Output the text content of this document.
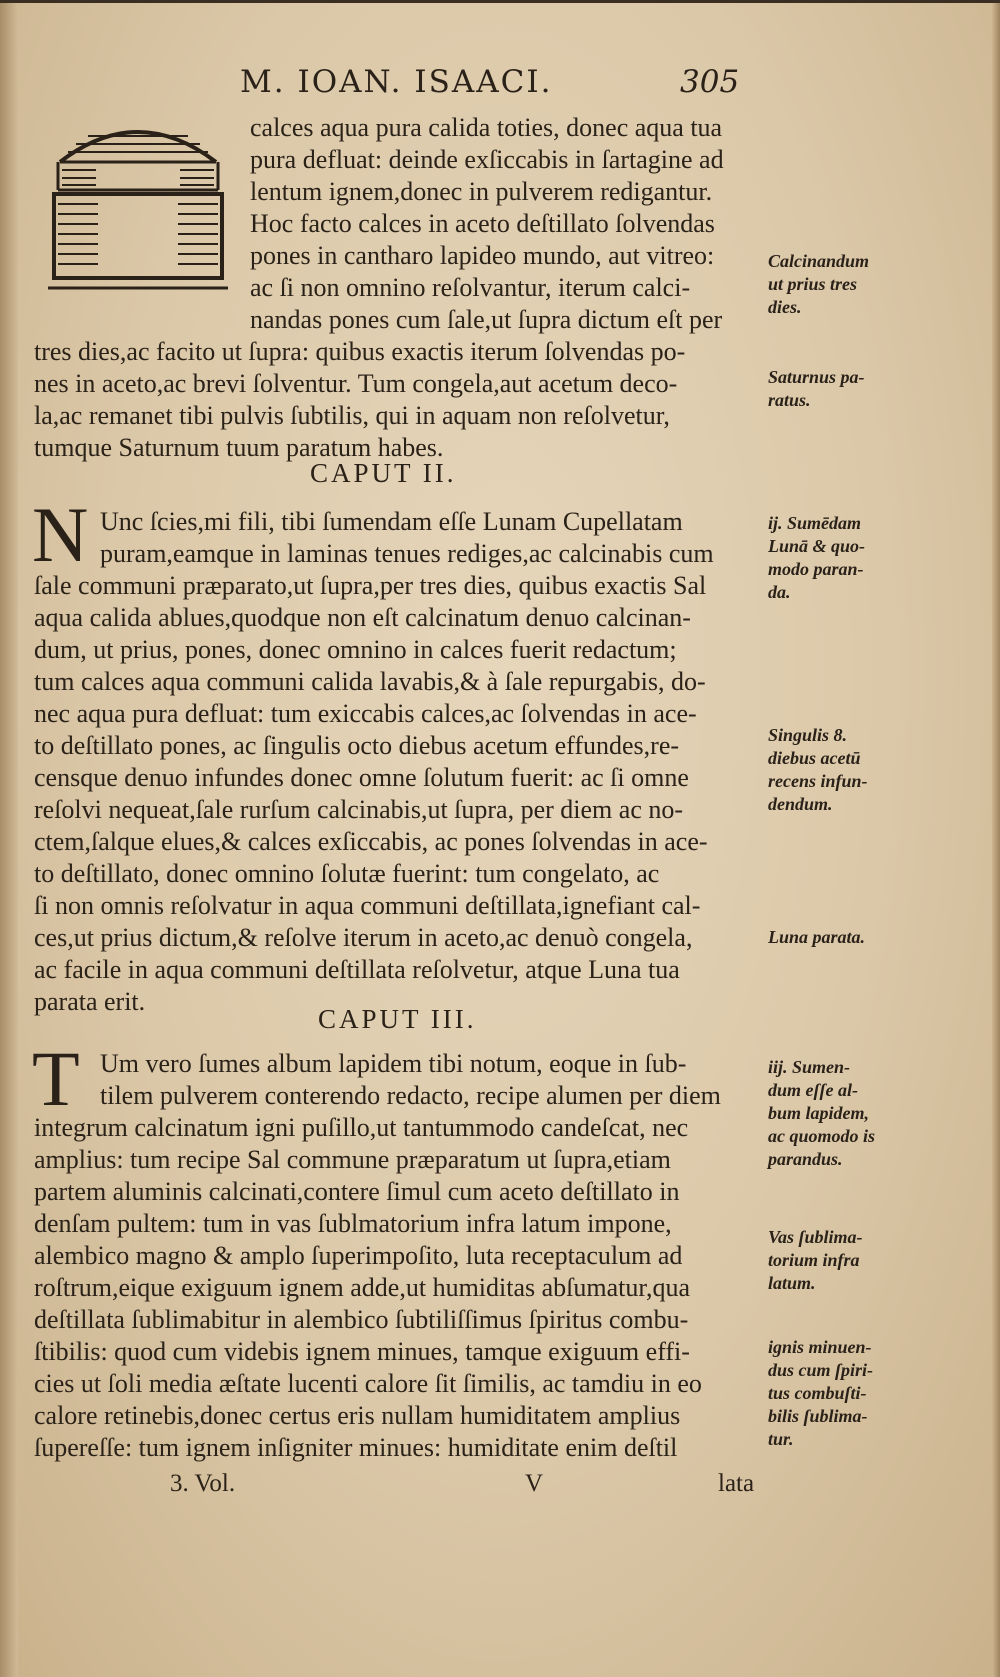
M. IOAN. ISAACI.	305
calces aqua pura calida toties, donec aqua tua
pura defluat: deinde exſiccabis in ſartagine ad
lentum ignem,donec in pulverem redigantur.
Hoc facto calces in aceto deſtillato ſolvendas
pones in cantharo lapideo mundo, aut vitreo:
ac ſi non omnino reſolvantur, iterum calci-
nandas pones cum ſale,ut ſupra dictum eſt per
tres dies,ac facito ut ſupra: quibus exactis iterum ſolvendas po-
nes in aceto,ac brevi ſolventur. Tum congela,aut acetum deco-
la,ac remanet tibi pulvis ſubtilis, qui in aquam non reſolvetur,
tumque Saturnum tuum paratum habes.
CAPUT II.
N Unc ſcies,mi fili, tibi ſumendam eſſe Lunam Cupellatam
puram,eamque in laminas tenues rediges,ac calcinabis cum
ſale communi præparato,ut ſupra,per tres dies, quibus exactis Sal
aqua calida ablues,quodque non eſt calcinatum denuo calcinan-
dum, ut prius, pones, donec omnino in calces fuerit redactum;
tum calces aqua communi calida lavabis,& à ſale repurgabis, do-
nec aqua pura defluat: tum exiccabis calces,ac ſolvendas in ace-
to deſtillato pones, ac ſingulis octo diebus acetum effundes,re-
censque denuo infundes donec omne ſolutum fuerit: ac ſi omne
reſolvi nequeat,ſale rurſum calcinabis,ut ſupra, per diem ac no-
ctem,ſalque elues,& calces exſiccabis, ac pones ſolvendas in ace-
to deſtillato, donec omnino ſolutæ fuerint: tum congelato, ac
ſi non omnis reſolvatur in aqua communi deſtillata,ignefiant cal-
ces,ut prius dictum,& reſolve iterum in aceto,ac denuò congela,
ac facile in aqua communi deſtillata reſolvetur, atque Luna tua
parata erit.
CAPUT III.
T Um vero ſumes album lapidem tibi notum, eoque in ſub-
tilem pulverem conterendo redacto, recipe alumen per diem
integrum calcinatum igni puſillo,ut tantummodo candeſcat, nec
amplius: tum recipe Sal commune præparatum ut ſupra,etiam
partem aluminis calcinati,contere ſimul cum aceto deſtillato in
denſam pultem: tum in vas ſublmatorium infra latum impone,
alembico magno & amplo ſuperimpoſito, luta receptaculum ad
roſtrum,eique exiguum ignem adde,ut humiditas abſumatur,qua
deſtillata ſublimabitur in alembico ſubtiliſſimus ſpiritus combu-
ſtibilis: quod cum videbis ignem minues, tamque exiguum effi-
cies ut ſoli media æſtate lucenti calore ſit ſimilis, ac tamdiu in eo
calore retinebis,donec certus eris nullam humiditatem amplius
ſupereſſe: tum ignem inſigniter minues: humiditate enim deſtil
3. Vol.	V	lata
Calcinandum
ut prius tres
dies.
Saturnus pa-
ratus.
ij. Sumēdam
Lunā & quo-
modo paran-
da.
Singulis 8.
diebus acetū
recens infun-
dendum.
Luna parata.
iij. Sumen-
dum eſſe al-
bum lapidem,
ac quomodo is
parandus.
Vas ſublima-
torium infra
latum.
ignis minuen-
dus cum ſpiri-
tus combuſti-
bilis ſublima-
tur.
